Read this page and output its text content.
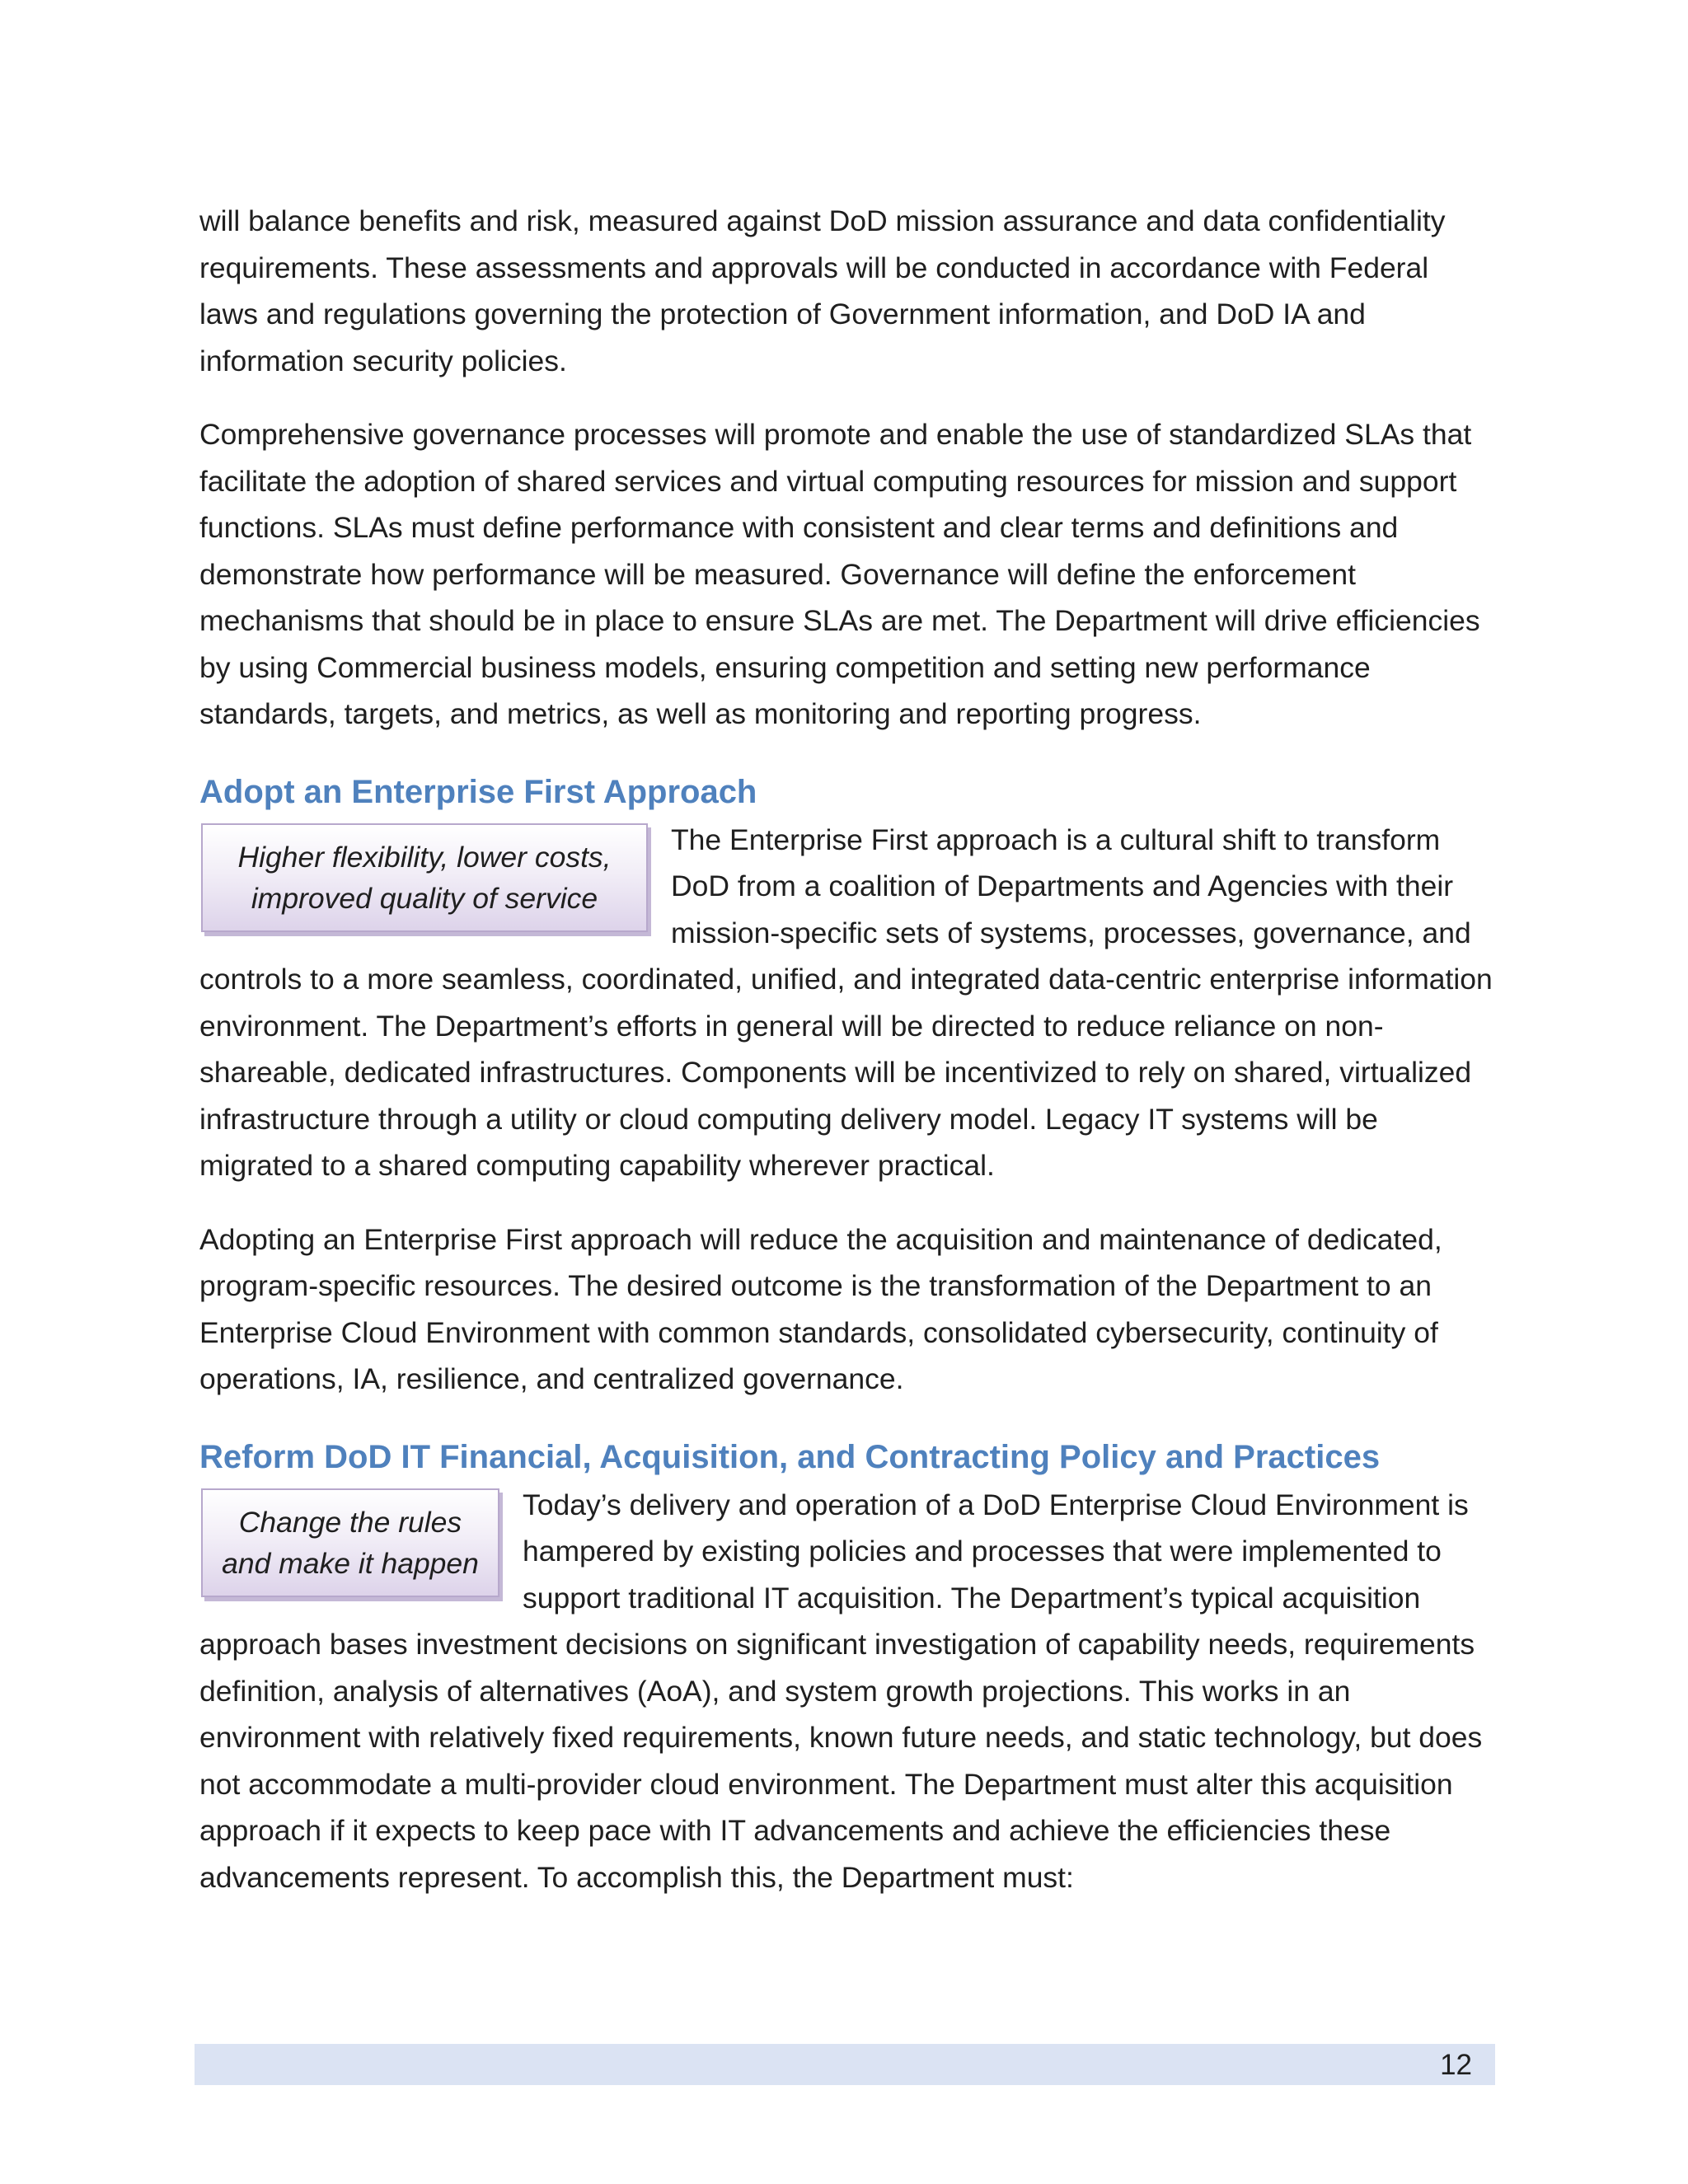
will balance benefits and risk, measured against DoD mission assurance and data confidentiality requirements. These assessments and approvals will be conducted in accordance with Federal laws and regulations governing the protection of Government information, and DoD IA and information security policies.

Comprehensive governance processes will promote and enable the use of standardized SLAs that facilitate the adoption of shared services and virtual computing resources for mission and support functions. SLAs must define performance with consistent and clear terms and definitions and demonstrate how performance will be measured. Governance will define the enforcement mechanisms that should be in place to ensure SLAs are met. The Department will drive efficiencies by using Commercial business models, ensuring competition and setting new performance standards, targets, and metrics, as well as monitoring and reporting progress.

Adopt an Enterprise First Approach
Higher flexibility, lower costs, improved quality of service

The Enterprise First approach is a cultural shift to transform DoD from a coalition of Departments and Agencies with their mission-specific sets of systems, processes, governance, and controls to a more seamless, coordinated, unified, and integrated data-centric enterprise information environment. The Department’s efforts in general will be directed to reduce reliance on non-shareable, dedicated infrastructures. Components will be incentivized to rely on shared, virtualized infrastructure through a utility or cloud computing delivery model. Legacy IT systems will be migrated to a shared computing capability wherever practical.

Adopting an Enterprise First approach will reduce the acquisition and maintenance of dedicated, program-specific resources. The desired outcome is the transformation of the Department to an Enterprise Cloud Environment with common standards, consolidated cybersecurity, continuity of operations, IA, resilience, and centralized governance.

Reform DoD IT Financial, Acquisition, and Contracting Policy and Practices
Change the rules and make it happen

Today’s delivery and operation of a DoD Enterprise Cloud Environment is hampered by existing policies and processes that were implemented to support traditional IT acquisition. The Department’s typical acquisition approach bases investment decisions on significant investigation of capability needs, requirements definition, analysis of alternatives (AoA), and system growth projections. This works in an environment with relatively fixed requirements, known future needs, and static technology, but does not accommodate a multi-provider cloud environment. The Department must alter this acquisition approach if it expects to keep pace with IT advancements and achieve the efficiencies these advancements represent. To accomplish this, the Department must:

12
